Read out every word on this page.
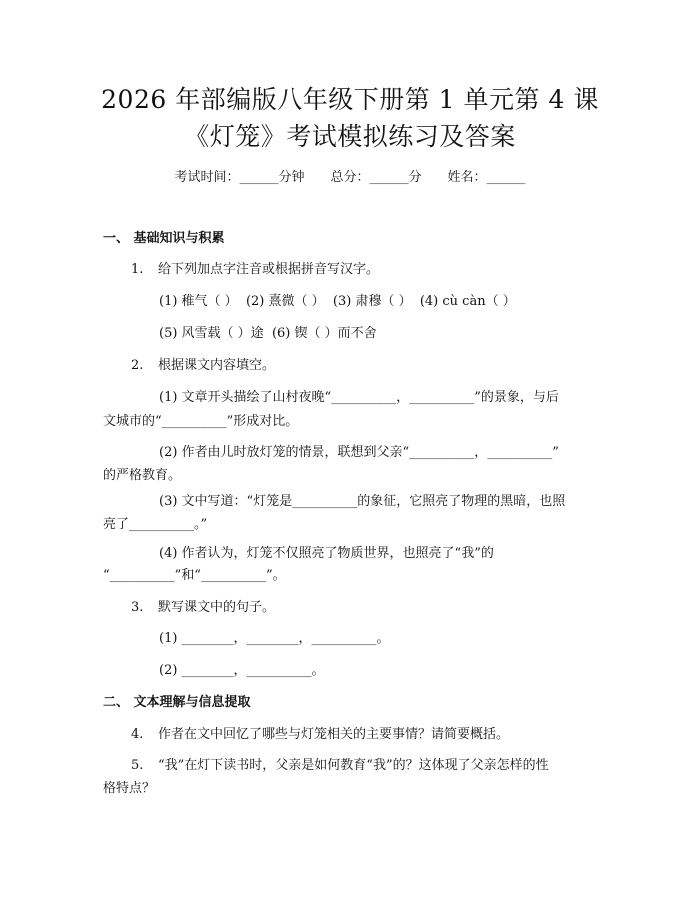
2026 年部编版八年级下册第 1 单元第 4 课
《灯笼》考试模拟练习及答案
考试时间：______分钟 总分：______分 姓名：______
一、 基础知识与积累
1. 给下列加点字注音或根据拼音写汉字。
(1) 稚气（ ）  (2) 熹微（ ）  (3) 肃穆（ ）  (4) cù càn（ ）
(5) 风雪载（ ）途  (6) 锲（ ）而不舍
2. 根据课文内容填空。
(1) 文章开头描绘了山村夜晚“__________，__________”的景象，与后
文城市的“__________”形成对比。
(2) 作者由儿时放灯笼的情景，联想到父亲“__________，__________”
的严格教育。
(3) 文中写道：“灯笼是__________的象征，它照亮了物理的黑暗，也照
亮了__________。”
(4) 作者认为，灯笼不仅照亮了物质世界，也照亮了“我”的
“__________”和“__________”。
3. 默写课文中的句子。
(1) ________，________，__________。
(2) ________，__________。
二、 文本理解与信息提取
4. 作者在文中回忆了哪些与灯笼相关的主要事情？请简要概括。
5. “我”在灯下读书时，父亲是如何教育“我”的？这体现了父亲怎样的性
格特点？
